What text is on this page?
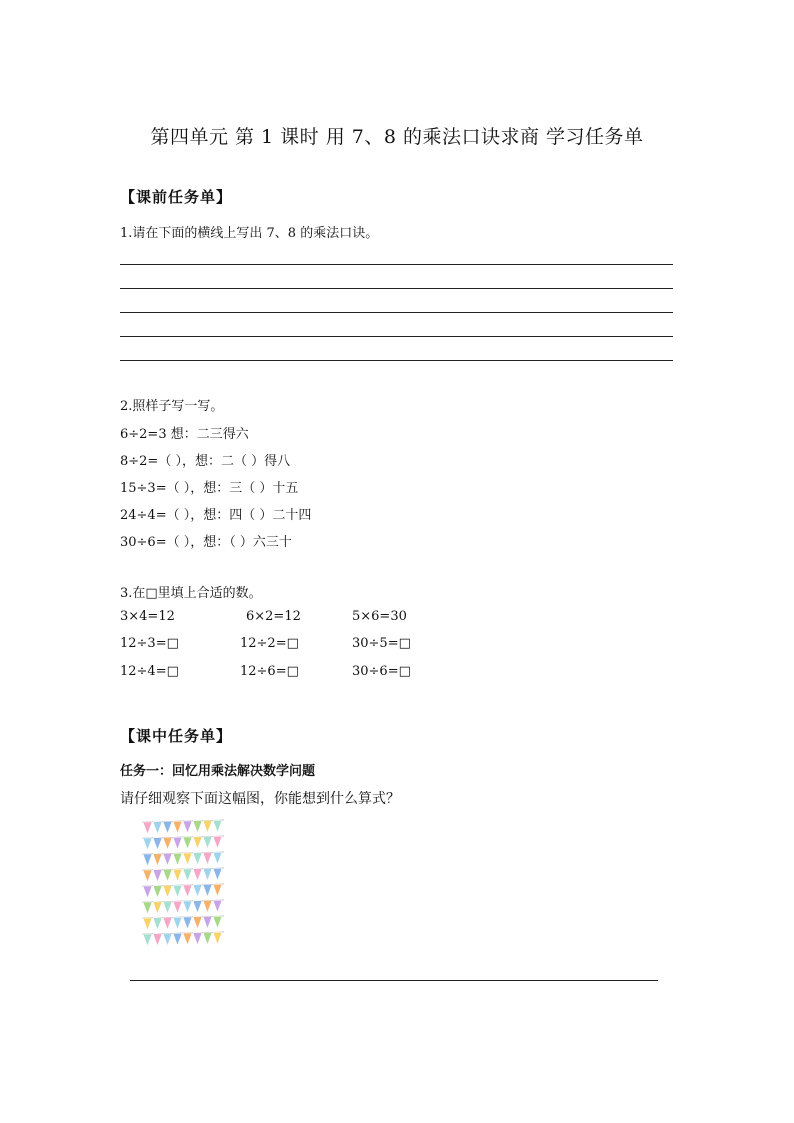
第四单元 第 1 课时 用 7、8 的乘法口诀求商 学习任务单
【课前任务单】
1.请在下面的横线上写出 7、8 的乘法口诀。
2.照样子写一写。
6÷2=3 想：二三得六
8÷2=（ ），想：二（ ）得八
15÷3=（ ），想：三（ ）十五
24÷4=（ ），想：四（ ）二十四
30÷6=（ ），想：（ ）六三十
3.在□里填上合适的数。
3×4=12	6×2=12	5×6=30
12÷3=□	12÷2=□	30÷5=□
12÷4=□	12÷6=□	30÷6=□
【课中任务单】
任务一：回忆用乘法解决数学问题
请仔细观察下面这幅图，你能想到什么算式？
